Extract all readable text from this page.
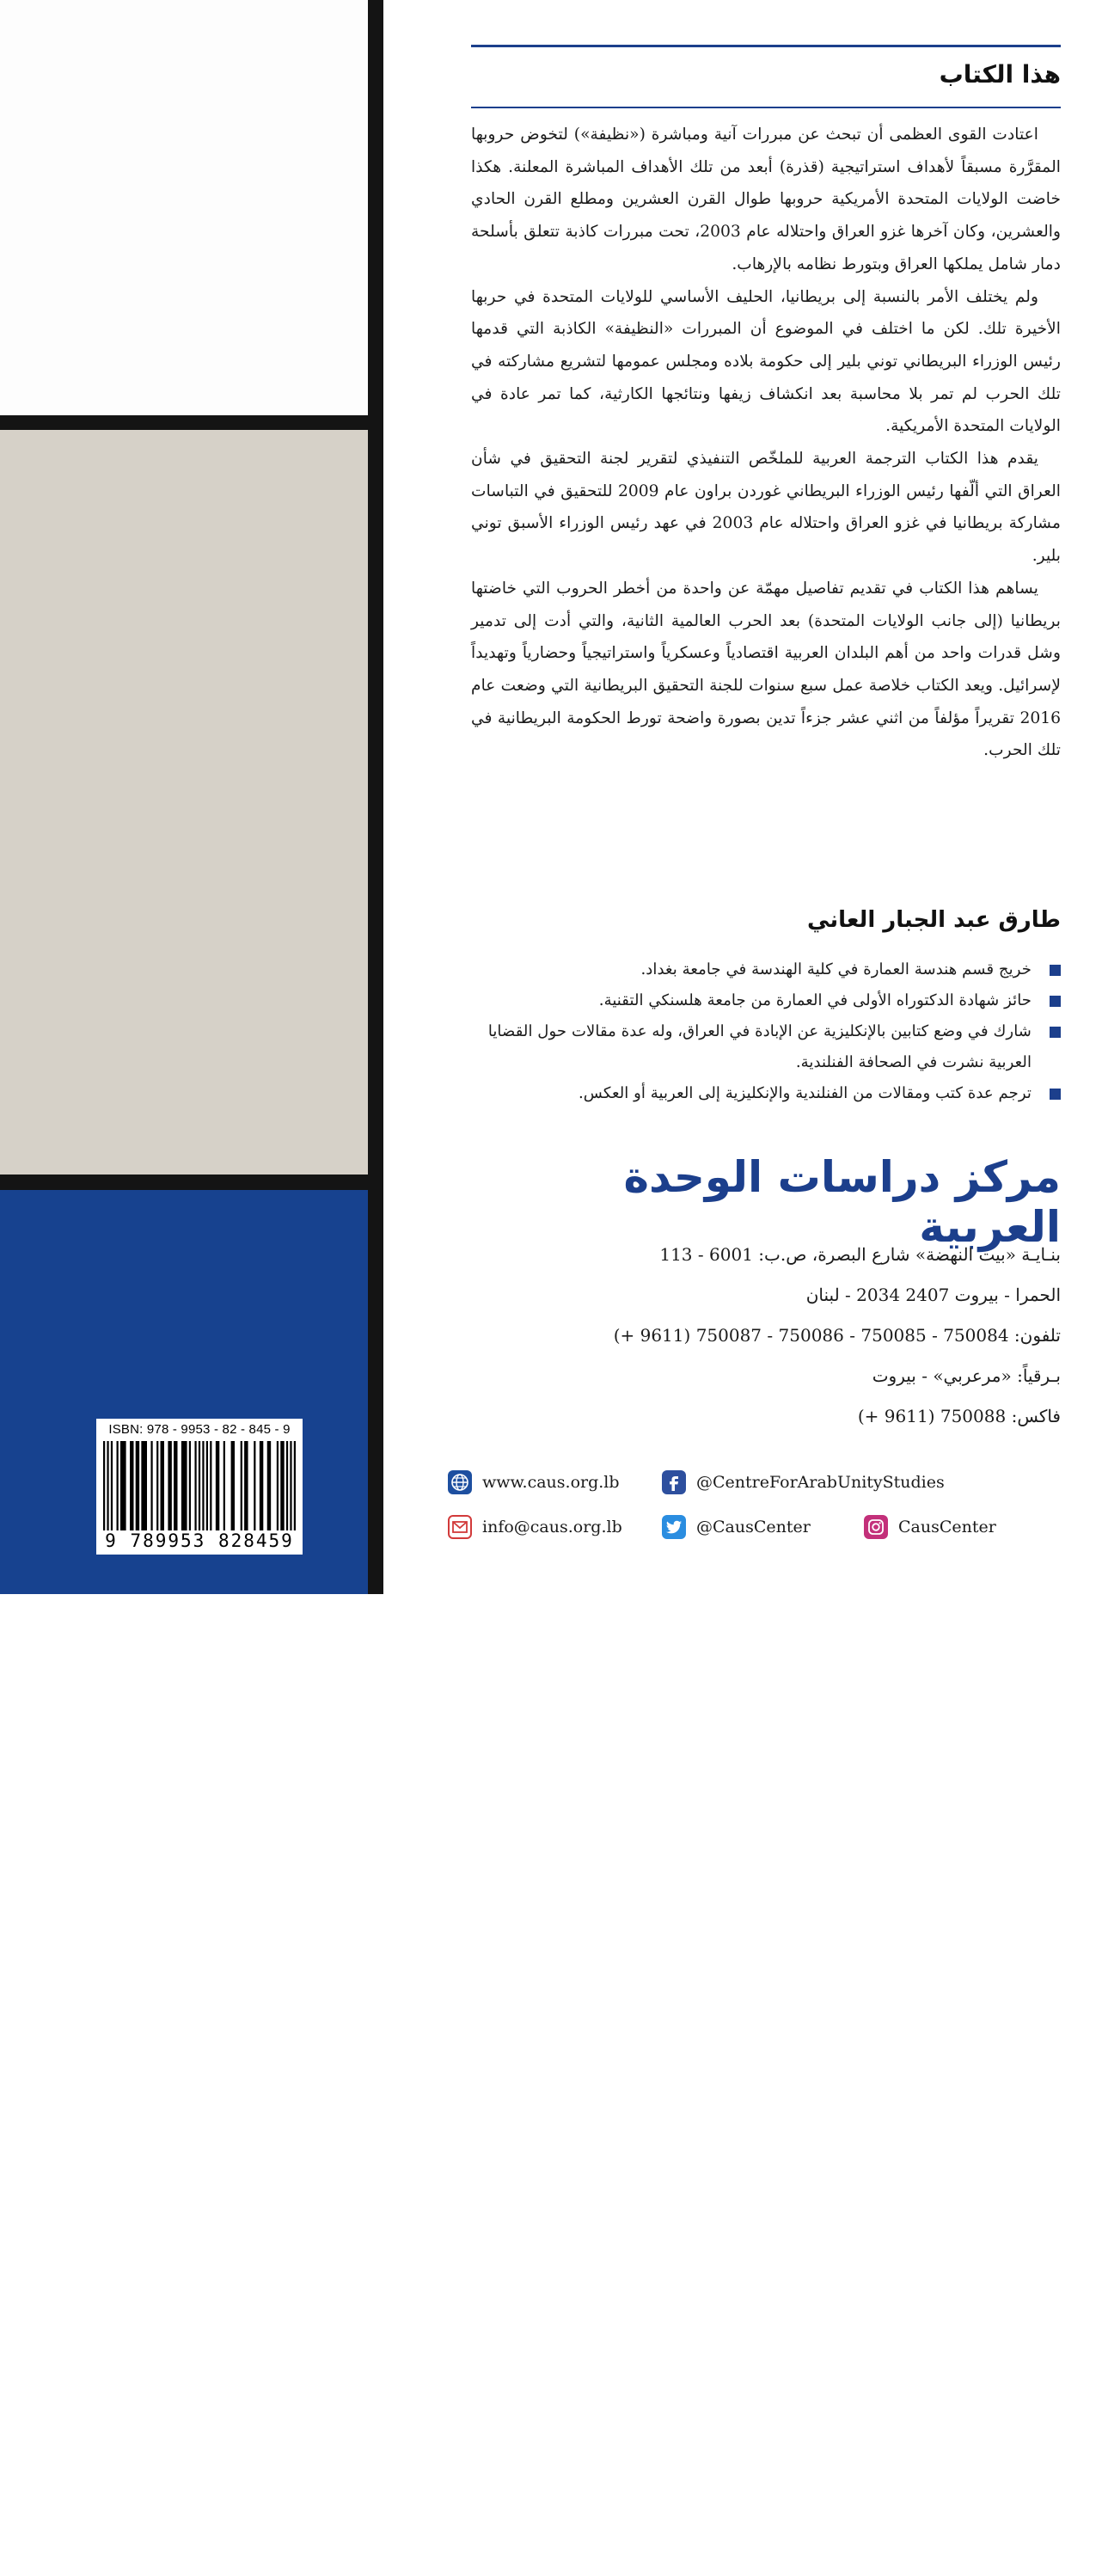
الثمن: 12 دولاراً
أو ما يعادلها
ISBN: 978 - 9953 - 82 - 845 - 9
9 789953 828459
هذا الكتاب

اعتادت القوى العظمى أن تبحث عن مبررات آنية ومباشرة («نظيفة») لتخوض حروبها المقرَّرة مسبقاً لأهداف استراتيجية (قذرة) أبعد من تلك الأهداف المباشرة المعلنة. هكذا خاضت الولايات المتحدة الأمريكية حروبها طوال القرن العشرين ومطلع القرن الحادي والعشرين، وكان آخرها غزو العراق واحتلاله عام 2003، تحت مبررات كاذبة تتعلق بأسلحة دمار شامل يملكها العراق وبتورط نظامه بالإرهاب.

ولم يختلف الأمر بالنسبة إلى بريطانيا، الحليف الأساسي للولايات المتحدة في حربها الأخيرة تلك. لكن ما اختلف في الموضوع أن المبررات «النظيفة» الكاذبة التي قدمها رئيس الوزراء البريطاني توني بلير إلى حكومة بلاده ومجلس عمومها لتشريع مشاركته في تلك الحرب لم تمر بلا محاسبة بعد انكشاف زيفها ونتائجها الكارثية، كما تمر عادة في الولايات المتحدة الأمريكية.

يقدم هذا الكتاب الترجمة العربية للملخّص التنفيذي لتقرير لجنة التحقيق في شأن العراق التي ألّفها رئيس الوزراء البريطاني غوردن براون عام 2009 للتحقيق في التباسات مشاركة بريطانيا في غزو العراق واحتلاله عام 2003 في عهد رئيس الوزراء الأسبق توني بلير.

يساهم هذا الكتاب في تقديم تفاصيل مهمّة عن واحدة من أخطر الحروب التي خاضتها بريطانيا (إلى جانب الولايات المتحدة) بعد الحرب العالمية الثانية، والتي أدت إلى تدمير وشل قدرات واحد من أهم البلدان العربية اقتصادياً وعسكرياً واستراتيجياً وحضارياً وتهديداً لإسرائيل. ويعد الكتاب خلاصة عمل سبع سنوات للجنة التحقيق البريطانية التي وضعت عام 2016 تقريراً مؤلفاً من اثني عشر جزءاً تدين بصورة واضحة تورط الحكومة البريطانية في تلك الحرب.

طارق عبد الجبار العاني
خريج قسم هندسة العمارة في كلية الهندسة في جامعة بغداد.
حائز شهادة الدكتوراه الأولى في العمارة من جامعة هلسنكي التقنية.
شارك في وضع كتابين بالإنكليزية عن الإبادة في العراق، وله عدة مقالات حول القضايا العربية نشرت في الصحافة الفنلندية.
ترجم عدة كتب ومقالات من الفنلندية والإنكليزية إلى العربية أو العكس.
مركز دراسات الوحدة العربية
بنـايـة «بيت النهضة» شارع البصرة، ص.ب: 6001 - 113
الحمرا - بيروت 2407 2034 - لبنان
تلفون: 750084 - 750085 - 750086 - 750087 (9611 +)
بـرقياً: «مرعربي» - بيروت
فاكس: 750088 (9611 +)
www.caus.org.lb	@CentreForArabUnityStudies
info@caus.org.lb	@CausCenter	CausCenter
